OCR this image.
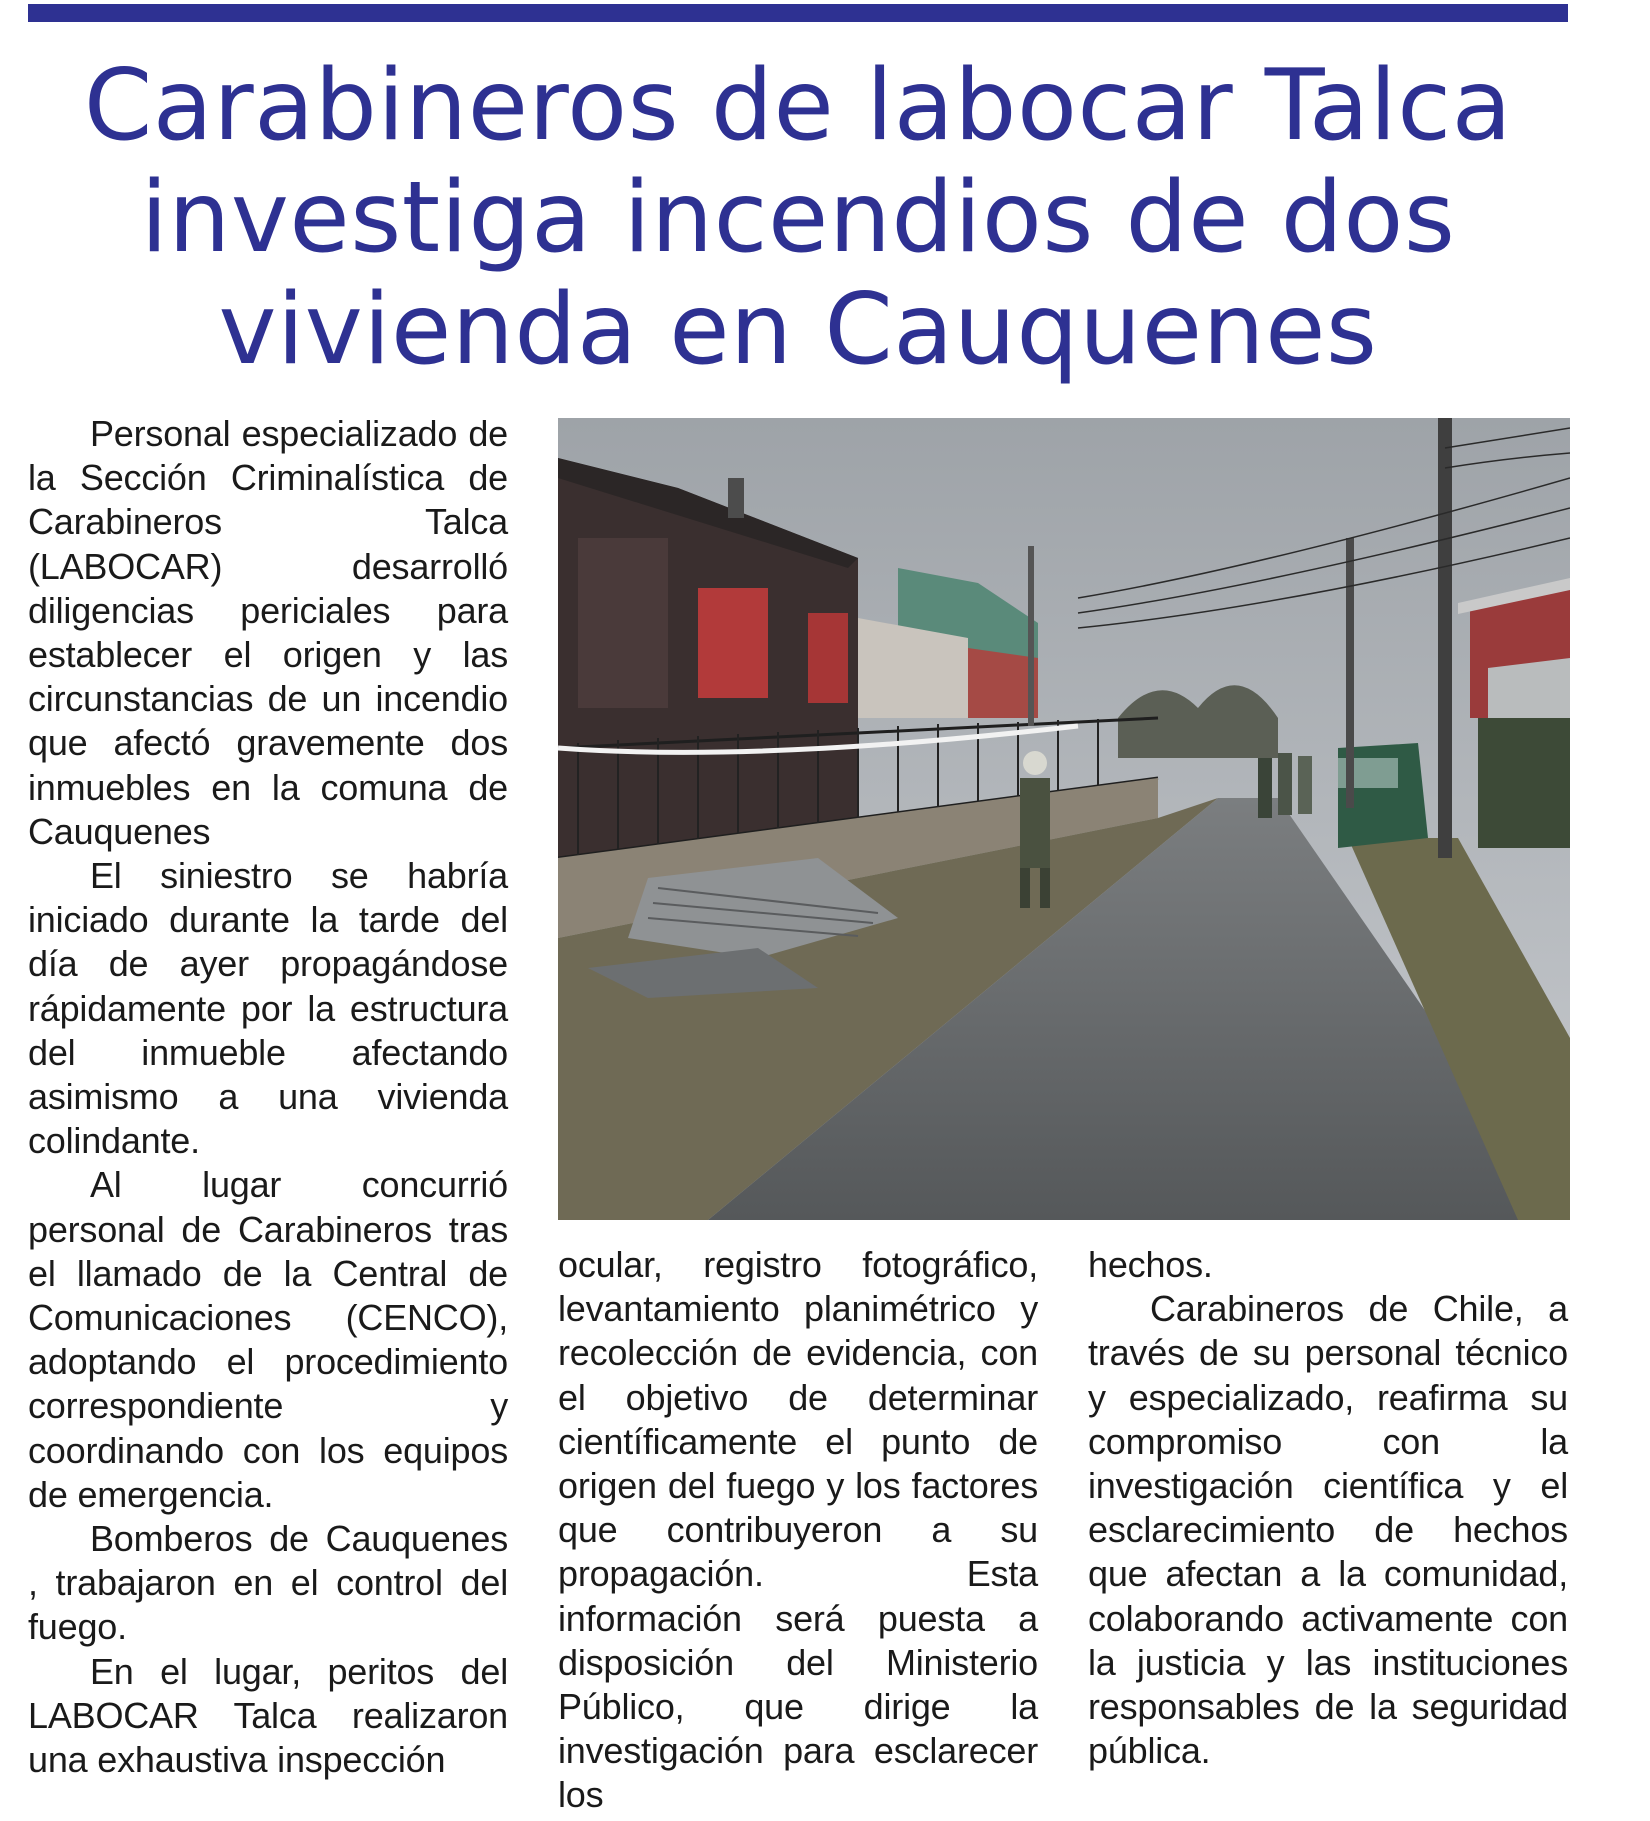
Carabineros de labocar Talca investiga incendios de dos vivienda en Cauquenes

Personal especializado de la Sección Criminalística de Carabineros Talca (LABOCAR) desarrolló diligencias periciales para establecer el origen y las circunstancias de un incendio que afectó gravemente dos inmuebles en la comuna de Cauquenes

El siniestro se habría iniciado durante la tarde del día de ayer propagándose rápidamente por la estructura del inmueble afectando asimismo a una vivienda colindante.

Al lugar concurrió personal de Carabineros tras el llamado de la Central de Comunicaciones (CENCO), adoptando el procedimiento correspondiente y coordinando con los equipos de emergencia.

Bomberos de Cauquenes , trabajaron en el control del fuego.

En el lugar, peritos del LABOCAR Talca realizaron una exhaustiva inspección

ocular, registro fotográfico, levantamiento planimétrico y recolección de evidencia, con el objetivo de determinar científicamente el punto de origen del fuego y los factores que contribuyeron a su propagación. Esta información será puesta a disposición del Ministerio Público, que dirige la investigación para esclarecer los

hechos.

Carabineros de Chile, a través de su personal técnico y especializado, reafirma su compromiso con la investigación científica y el esclarecimiento de hechos que afectan a la comunidad, colaborando activamente con la justicia y las instituciones responsables de la seguridad pública.
